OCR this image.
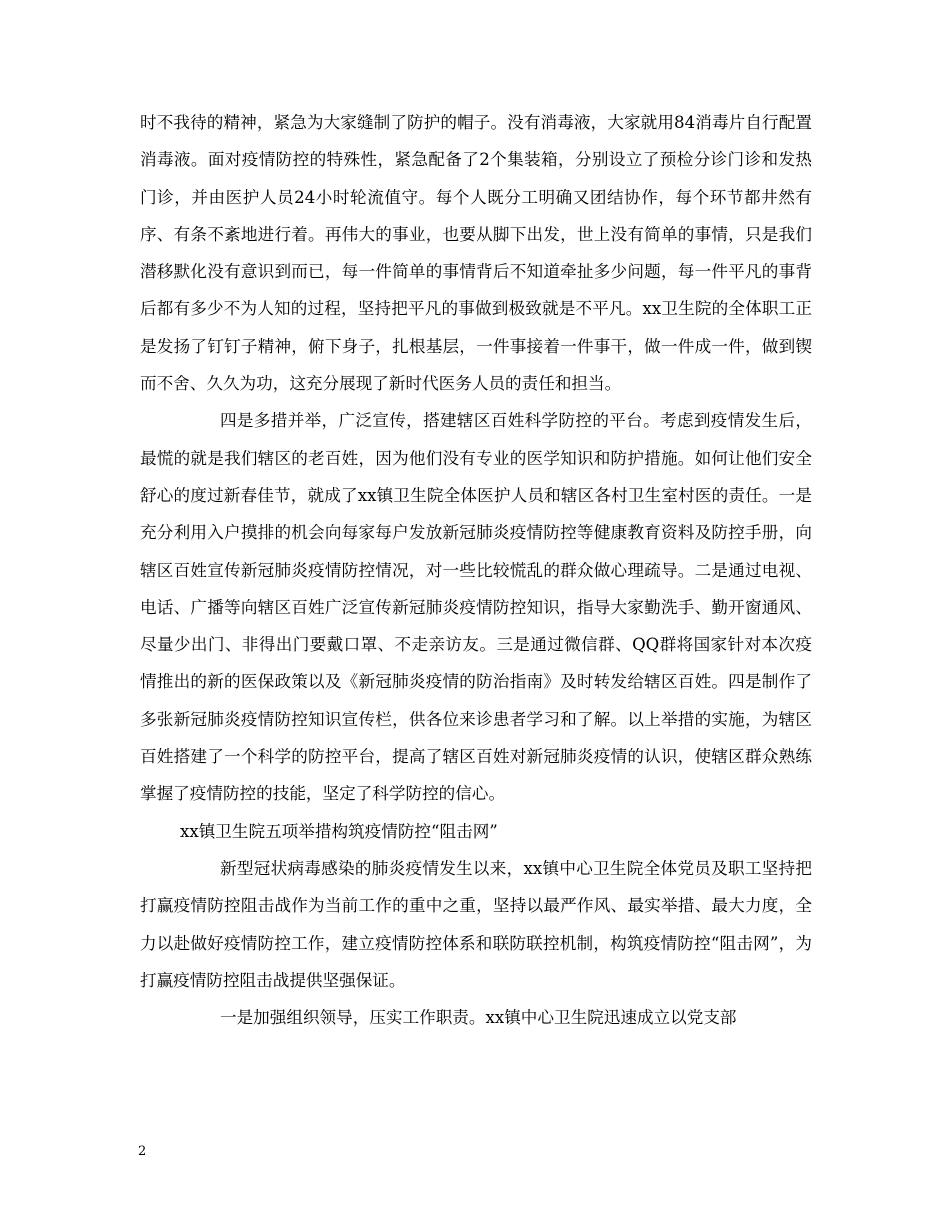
时不我待的精神，紧急为大家缝制了防护的帽子。没有消毒液，大家就用84消毒片自行配置消毒液。面对疫情防控的特殊性，紧急配备了2个集装箱，分别设立了预检分诊门诊和发热门诊，并由医护人员24小时轮流值守。每个人既分工明确又团结协作，每个环节都井然有序、有条不紊地进行着。再伟大的事业，也要从脚下出发，世上没有简单的事情，只是我们潜移默化没有意识到而已，每一件简单的事情背后不知道牵扯多少问题，每一件平凡的事背后都有多少不为人知的过程，坚持把平凡的事做到极致就是不平凡。xx卫生院的全体职工正是发扬了钉钉子精神，俯下身子，扎根基层，一件事接着一件事干，做一件成一件，做到锲而不舍、久久为功，这充分展现了新时代医务人员的责任和担当。

四是多措并举，广泛宣传，搭建辖区百姓科学防控的平台。考虑到疫情发生后，最慌的就是我们辖区的老百姓，因为他们没有专业的医学知识和防护措施。如何让他们安全舒心的度过新春佳节，就成了xx镇卫生院全体医护人员和辖区各村卫生室村医的责任。一是充分利用入户摸排的机会向每家每户发放新冠肺炎疫情防控等健康教育资料及防控手册，向辖区百姓宣传新冠肺炎疫情防控情况，对一些比较慌乱的群众做心理疏导。二是通过电视、电话、广播等向辖区百姓广泛宣传新冠肺炎疫情防控知识，指导大家勤洗手、勤开窗通风、尽量少出门、非得出门要戴口罩、不走亲访友。三是通过微信群、QQ群将国家针对本次疫情推出的新的医保政策以及《新冠肺炎疫情的防治指南》及时转发给辖区百姓。四是制作了多张新冠肺炎疫情防控知识宣传栏，供各位来诊患者学习和了解。以上举措的实施，为辖区百姓搭建了一个科学的防控平台，提高了辖区百姓对新冠肺炎疫情的认识，使辖区群众熟练掌握了疫情防控的技能，坚定了科学防控的信心。

xx镇卫生院五项举措构筑疫情防控“阻击网”

新型冠状病毒感染的肺炎疫情发生以来，xx镇中心卫生院全体党员及职工坚持把打赢疫情防控阻击战作为当前工作的重中之重，坚持以最严作风、最实举措、最大力度，全力以赴做好疫情防控工作，建立疫情防控体系和联防联控机制，构筑疫情防控“阻击网”，为打赢疫情防控阻击战提供坚强保证。

一是加强组织领导，压实工作职责。xx镇中心卫生院迅速成立以党支部

2
